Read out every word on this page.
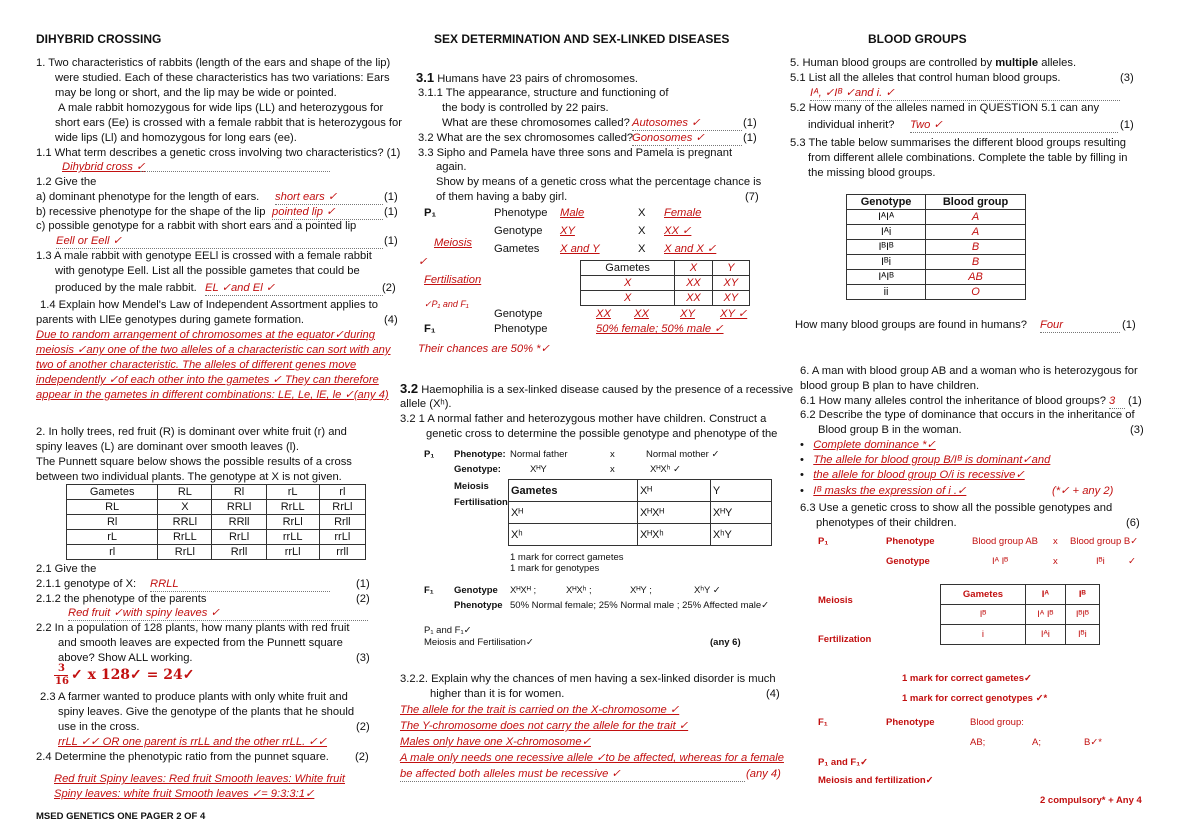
DIHYBRID CROSSING	SEX DETERMINATION AND SEX-LINKED DISEASES	BLOOD GROUPS
1. Two characteristics of rabbits (length of the ears and shape of the lip)
were studied. Each of these characteristics has two variations: Ears
may be long or short, and the lip may be wide or pointed.
A male rabbit homozygous for wide lips (LL) and heterozygous for
short ears (Ee) is crossed with a female rabbit that is heterozygous for
wide lips (Ll) and homozygous for long ears (ee).
1.1 What term describes a genetic cross involving two characteristics? (1)
Dihybrid cross ✓
1.2 Give the
a) dominant phenotype for the length of ears. short ears ✓	(1)
b) recessive phenotype for the shape of the lip pointed lip ✓	(1)
c) possible genotype for a rabbit with short ears and a pointed lip
Eell or Eell ✓	(1)
1.3 A male rabbit with genotype EELl is crossed with a female rabbit
with genotype Eell. List all the possible gametes that could be
produced by the male rabbit. EL ✓and El ✓	(2)
1.4 Explain how Mendel's Law of Independent Assortment applies to
parents with LlEe genotypes during gamete formation.	(4)
Due to random arrangement of chromosomes at the equator✓during
meiosis ✓any one of the two alleles of a characteristic can sort with any
two of another characteristic. The alleles of different genes move
independently ✓of each other into the gametes ✓ They can therefore
appear in the gametes in different combinations: LE, Le, lE, le ✓(any 4)
2. In holly trees, red fruit (R) is dominant over white fruit (r) and
spiny leaves (L) are dominant over smooth leaves (l).
The Punnett square below shows the possible results of a cross
between two individual plants. The genotype at X is not given.
Gametes	RL	Rl	rL	rl
RL	X	RRLl	RrLL	RrLl
Rl	RRLl	RRll	RrLl	Rrll
rL	RrLL	RrLl	rrLL	rrLl
rl	RrLl	Rrll	rrLl	rrll
2.1 Give the
2.1.1 genotype of X: RRLL	(1)
2.1.2 the phenotype of the parents	(2)
Red fruit ✓with spiny leaves ✓
2.2 In a population of 128 plants, how many plants with red fruit
and smooth leaves are expected from the Punnett square
above? Show ALL working.	(3)
3
16 ✓ x 128✓ = 24✓
2.3 A farmer wanted to produce plants with only white fruit and
spiny leaves. Give the genotype of the plants that he should
use in the cross.	(2)
rrLL ✓✓ OR one parent is rrLL and the other rrLL. ✓✓
2.4 Determine the phenotypic ratio from the punnet square. (2)
Red fruit Spiny leaves: Red fruit Smooth leaves: White fruit
Spiny leaves: white fruit Smooth leaves ✓= 9:3:3:1✓
MSED GENETICS ONE PAGER 2 OF 4
3.1 Humans have 23 pairs of chromosomes.
3.1.1 The appearance, structure and functioning of
the body is controlled by 22 pairs.
What are these chromosomes called? Autosomes ✓	(1)
3.2 What are the sex chromosomes called?
Gonosomes ✓	(1)
3.3 Sipho and Pamela have three sons and Pamela is pregnant
again.
Show by means of a genetic cross what the percentage chance is
of them having a baby girl.	(7)
P₁	Phenotype Male	X Female
Genotype XY	X XX ✓
Meiosis Gametes X and Y	X X and X ✓
✓	Gametes	X	Y
X	XX	XY
X	XX	XY
Fertilisation
✓P₁ and F₁
Genotype	XX XX	XY XY ✓
F₁	Phenotype	50% female; 50% male ✓
Their chances are 50% *✓
3.2 Haemophilia is a sex-linked disease caused by the presence of a recessive
allele (Xʰ).
3.2 1 A normal father and heterozygous mother have children. Construct a
genetic cross to determine the possible genotype and phenotype of the
P₁ Phenotype: Normal father	x	Normal mother ✓
Genotype:	XᴴY	x	XᴴXʰ ✓
Meiosis
Fertilisation
Gametes	Xᴴ	Y
Xᴴ	XᴴXᴴ	XᴴY
Xʰ	XᴴXʰ	XʰY
1 mark for correct gametes
1 mark for genotypes
F₁ Genotype XᴴXᴴ ;	XᴴXʰ ;	XᴴY ;	XʰY ✓
Phenotype 50% Normal female; 25% Normal male ; 25% Affected male✓
P₁ and F₁✓
Meiosis and Fertilisation✓	(any 6)
3.2.2. Explain why the chances of men having a sex-linked disorder is much
higher than it is for women.	(4)
The allele for the trait is carried on the X-chromosome ✓
The Y-chromosome does not carry the allele for the trait ✓
Males only have one X-chromosome✓
A male only needs one recessive allele ✓to be affected, whereas for a female
be affected both alleles must be recessive ✓	(any 4)
5. Human blood groups are controlled by multiple alleles.
5.1 List all the alleles that control human blood groups.	(3)
Iᴬ, ✓Iᴮ ✓and i. ✓
5.2 How many of the alleles named in QUESTION 5.1 can any
individual inherit? Two ✓	(1)
5.3 The table below summarises the different blood groups resulting
from different allele combinations. Complete the table by filling in
the missing blood groups.
Genotype	Blood group
IᴬIᴬ	A
Iᴬi	A
IᴮIᴮ	B
Iᴮi	B
IᴬIᴮ	AB
ii	O
How many blood groups are found in humans? Four	(1)
6. A man with blood group AB and a woman who is heterozygous for
blood group B plan to have children.
6.1 How many alleles control the inheritance of blood groups? 3	(1)
6.2 Describe the type of dominance that occurs in the inheritance of
Blood group B in the woman.	(3)
•   Complete dominance *✓
•   The allele for blood group B/Iᴮ is dominant✓and
•   the allele for blood group O/i is recessive✓
•   Iᴮ masks the expression of i .✓	(*✓ + any 2)
6.3 Use a genetic cross to show all the possible genotypes and
phenotypes of their children.	(6)
P₁	Phenotype	Blood group AB x Blood group B✓
Genotype	Iᴬ Iᴮ	x	Iᴮi ✓
Meiosis
Gametes	Iᴬ	Iᴮ
Iᴮ	Iᴬ Iᴮ	IᴮIᴮ
i	Iᴬi	Iᴮi
Fertilization
1 mark for correct gametes✓
1 mark for correct genotypes ✓*
F₁	Phenotype	Blood group:
AB;	A;	B✓*
P₁ and F₁✓
Meiosis and fertilization✓
2 compulsory* + Any 4
